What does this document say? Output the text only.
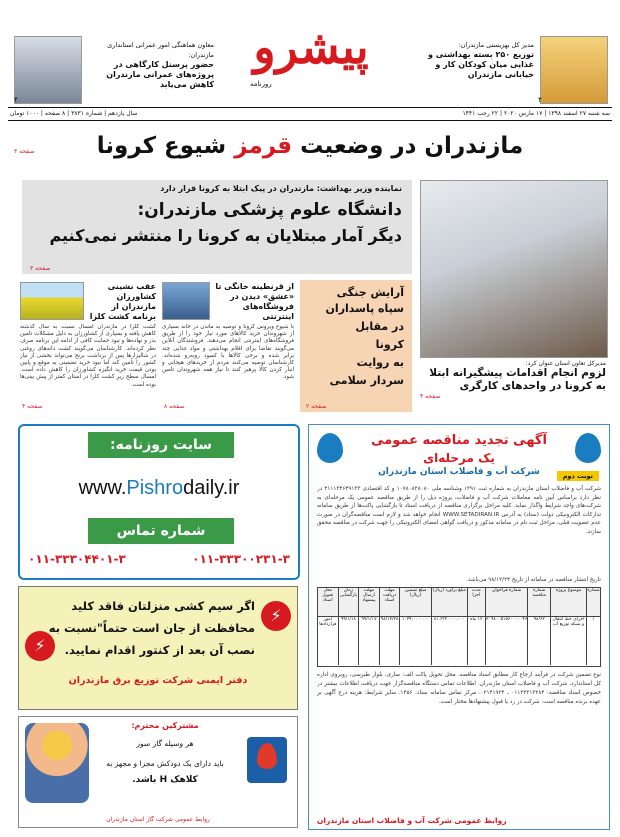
۴
مدیر کل بهزیستی مازندران:
توزیع ۲۵۰ بسته بهداشتی و غذایی میان کودکان کار و خیابانی مازندران
پیشرو
روزنامه
معاون هماهنگی امور عمرانی استانداری مازندران:
حضور پرسنل کارگاهی در پروژه‌های عمرانی مازندران کاهش می‌یابد
۴
سه شنبه ۲۷ اسفند ۱۳۹۸ | ۱۷ مارس ۲۰۲۰ | ۲۲ رجب ۱۴۴۱
سال یازدهم | شماره ۳۸۳۱ | ۸ صفحه | ۱۰۰۰ تومان
مازندران در وضعیت قرمز شیوع کرونا
صفحه ۳
نماینده وزیر بهداشت: مازندران در پیک ابتلا به کرونا قرار دارد
دانشگاه علوم پزشکی مازندران:
دیگر آمار مبتلایان به کرونا را منتشر نمی‌کنیم
صفحه ۳
مدیرکل تعاون استان عنوان کرد:
لزوم انجام اقدامات پیشگیرانه ابتلا به کرونا در واحدهای کارگری
صفحه ۴
آرایش جنگی
سپاه پاسداران
در مقابل
کرونا
به روایت
سردار سلامی
صفحه ۲
از قرنطینه خانگی تا «عشق» دیدن در فروشگاه‌های اینترنتی
با شیوع ویروس کرونا و توصیه به ماندن در خانه بسیاری از شهروندان خرید کالاهای مورد نیاز خود را از طریق فروشگاه‌های اینترنتی انجام می‌دهند. فروشندگان آنلاین می‌گویند تقاضا برای اقلام بهداشتی و مواد غذایی چند برابر شده و برخی کالاها با کمبود روبه‌رو شده‌اند. کارشناسان توصیه می‌کنند مردم از خریدهای هیجانی و انبار کردن کالا پرهیز کنند تا نیاز همه شهروندان تامین شود.
صفحه ۸
عقب نشینی کشاورزان مازندران از برنامه کشت کلزا
کشت کلزا در مازندران امسال نسبت به سال گذشته کاهش یافته و بسیاری از کشاورزان به دلیل مشکلات تامین بذر و نهاده‌ها و نبود حمایت کافی از ادامه این برنامه صرف نظر کرده‌اند. کارشناسان می‌گویند کشت دانه‌های روغنی در شالیزارها پس از برداشت برنج می‌تواند بخشی از نیاز کشور را تامین کند اما نبود خرید تضمینی به موقع و پایین بودن قیمت خرید انگیزه کشاورزان را کاهش داده است. امسال سطح زیر کشت کلزا در استان کمتر از پیش بینی‌ها بوده است.
صفحه ۴
آگهی تجدید مناقصه عمومی
یک مرحله‌ای
شرکت آب و فاضلاب استان مازندران	نوبت دوم
شرکت آب و فاضلاب استان مازندران به شماره ثبت ۱۳۹۱ وشناسه ملی ۱۰۷۸۰۸۲۸۰۸۰ و کد اقتصادی ۴۱۱۱۳۴۶۴۹۱۳۳ در نظر دارد براساس آیین نامه معاملات شرکت آب و فاضلاب، پروژه ذیل را از طریق مناقصه عمومی یک مرحله‌ای به شرکت‌های واجد شرایط واگذار نماید. کلیه مراحل برگزاری مناقصه از دریافت اسناد تا بازگشایی پاکت‌ها از طریق سامانه تدارکات الکترونیکی دولت (ستاد) به آدرس WWW.SETADIRAN.IR انجام خواهد شد و لازم است مناقصه‌گران در صورت عدم عضویت قبلی، مراحل ثبت نام در سامانه مذکور و دریافت گواهی امضای الکترونیکی را جهت شرکت در مناقصه محقق سازند.
تاریخ انتشار مناقصه در سامانه از تاریخ ۹۸/۱۲/۲۴ می‌باشد.
شماره
موضوع پروژه
شماره مناقصه
شماره فراخوان
مدت اجرا
مبلغ برآورد (ریال)
مبلغ تضمین (ریال)
مهلت دریافت اسناد
مهلت ارسال پیشنهاد
زمان بازگشایی
محل تحویل اسناد
۱
اجرای خط انتقال و شبکه توزیع آب
۹۸/۶۲
۲۰۹۸۰۰۵۱۵۶۰۰۰۰۰۴۶
۱۲ ماه
۸۱.۶۳۲.۰۰۰.۰۰۰
۱۰۴۴.۰۰۰.۰۰۰
۹۸/۱۲/۲۸
۹۹/۱/۱۷
۹۹/۱/۱۸
امور قراردادها
نوع تضمین شرکت در فرآیند ارجاع کار مطابق اسناد مناقصه. محل تحویل پاکت الف: ساری، بلوار طبرسی، روبروی اداره کل استاندارد، شرکت آب و فاضلاب استان مازندران. اطلاعات تماس دستگاه مناقصه‌گزار جهت دریافت اطلاعات بیشتر در خصوص اسناد مناقصه: ۰۱۱۳۳۳۱۳۲۸۴ ـ ۰۲۱۴۱۹۳۴. مرکز تماس سامانه ستاد: ۱۴۵۶. سایر شرایط: هزینه درج آگهی بر عهده برنده مناقصه است. شرکت در رد یا قبول پیشنهادها مختار است.
روابط عمومی شرکت آب و فاضلاب استان مازندران
سایت روزنامه:
www.Pishrodaily.ir
شماره تماس
۰۱۱-۳۳۳۰۴۴۰۱-۳	۰۱۱-۳۳۳۰۰۲۳۱-۳
⚡
⚡
اگر سیم کشی منزلتان فاقد کلید
محافظت از جان است حتماً"نسبت به
نصب آن بعد از کنتور اقدام نمایید.
دفتر ایمنی شرکت توزیع برق مازندران
مشترکین محترم:
هر وسیله گاز سوز
باید دارای یک دودکش مجزا و مجهز به
کلاهک H باشد.
روابط عمومی شرکت گاز استان مازندران
